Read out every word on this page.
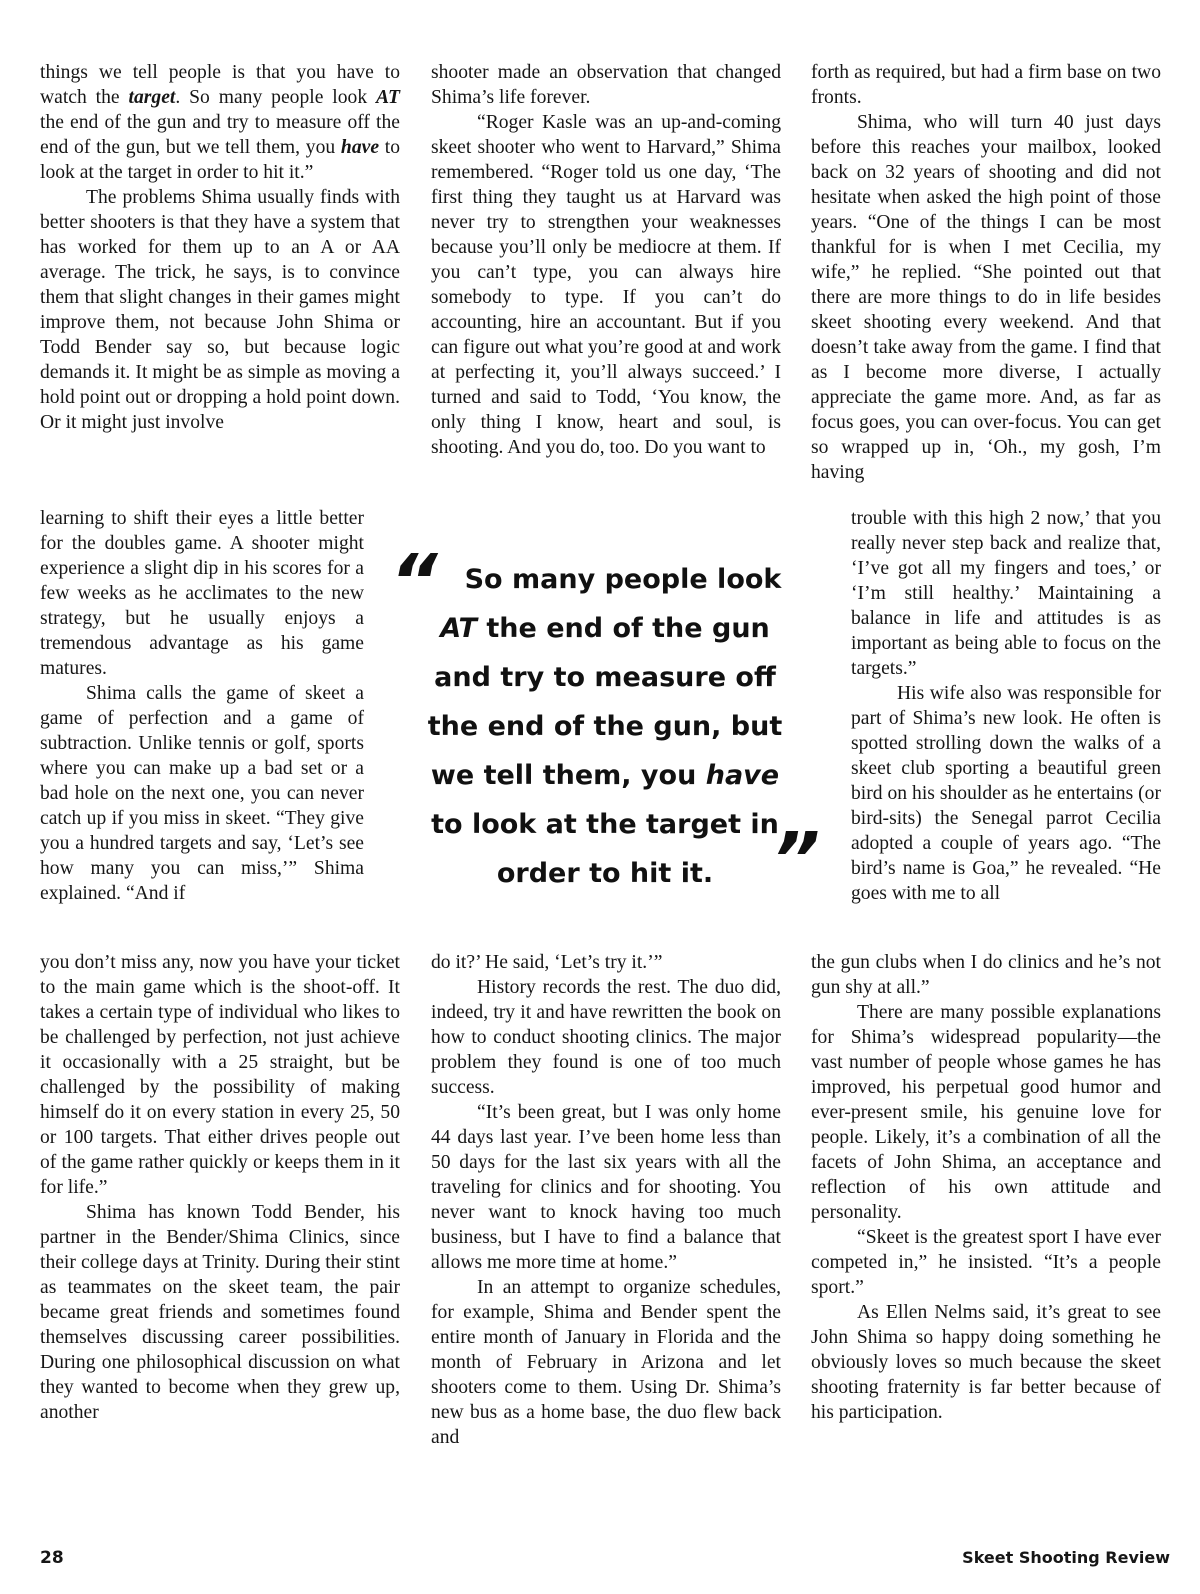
things we tell people is that you have to watch the target. So many people look AT the end of the gun and try to measure off the end of the gun, but we tell them, you have to look at the target in order to hit it.”

The problems Shima usually finds with better shooters is that they have a system that has worked for them up to an A or AA average. The trick, he says, is to convince them that slight changes in their games might improve them, not because John Shima or Todd Bender say so, but because logic demands it. It might be as simple as moving a hold point out or dropping a hold point down. Or it might just involve

learning to shift their eyes a little better for the doubles game. A shooter might experience a slight dip in his scores for a few weeks as he acclimates to the new strategy, but he usually enjoys a tremendous advantage as his game matures.

Shima calls the game of skeet a game of perfection and a game of subtraction. Unlike tennis or golf, sports where you can make up a bad set or a bad hole on the next one, you can never catch up if you miss in skeet. “They give you a hundred targets and say, ‘Let’s see how many you can miss,’” Shima explained. “And if

you don’t miss any, now you have your ticket to the main game which is the shoot-off. It takes a certain type of individual who likes to be challenged by perfection, not just achieve it occasionally with a 25 straight, but be challenged by the possibility of making himself do it on every station in every 25, 50 or 100 targets. That either drives people out of the game rather quickly or keeps them in it for life.”

Shima has known Todd Bender, his partner in the Bender/Shima Clinics, since their college days at Trinity. During their stint as teammates on the skeet team, the pair became great friends and sometimes found themselves discussing career possibilities. During one philosophical discussion on what they wanted to become when they grew up, another

shooter made an observation that changed Shima’s life forever.

“Roger Kasle was an up-and-coming skeet shooter who went to Harvard,” Shima remembered. “Roger told us one day, ‘The first thing they taught us at Harvard was never try to strengthen your weaknesses because you’ll only be mediocre at them. If you can’t type, you can always hire somebody to type. If you can’t do accounting, hire an accountant. But if you can figure out what you’re good at and work at perfecting it, you’ll always succeed.’ I turned and said to Todd, ‘You know, the only thing I know, heart and soul, is shooting. And you do, too. Do you want to

“ So many people look
AT the end of the gun
and try to measure off
the end of the gun, but
we tell them, you have
to look at the target in
order to hit it. ”

do it?’ He said, ‘Let’s try it.’”

History records the rest. The duo did, indeed, try it and have rewritten the book on how to conduct shooting clinics. The major problem they found is one of too much success.

“It’s been great, but I was only home 44 days last year. I’ve been home less than 50 days for the last six years with all the traveling for clinics and for shooting. You never want to knock having too much business, but I have to find a balance that allows me more time at home.”

In an attempt to organize schedules, for example, Shima and Bender spent the entire month of January in Florida and the month of February in Arizona and let shooters come to them. Using Dr. Shima’s new bus as a home base, the duo flew back and

forth as required, but had a firm base on two fronts.

Shima, who will turn 40 just days before this reaches your mailbox, looked back on 32 years of shooting and did not hesitate when asked the high point of those years. “One of the things I can be most thankful for is when I met Cecilia, my wife,” he replied. “She pointed out that there are more things to do in life besides skeet shooting every weekend. And that doesn’t take away from the game. I find that as I become more diverse, I actually appreciate the game more. And, as far as focus goes, you can over-focus. You can get so wrapped up in, ‘Oh., my gosh, I’m having

trouble with this high 2 now,’ that you really never step back and realize that, ‘I’ve got all my fingers and toes,’ or ‘I’m still healthy.’ Maintaining a balance in life and attitudes is as important as being able to focus on the targets.”

His wife also was responsible for part of Shima’s new look. He often is spotted strolling down the walks of a skeet club sporting a beautiful green bird on his shoulder as he entertains (or bird-sits) the Senegal parrot Cecilia adopted a couple of years ago. “The bird’s name is Goa,” he revealed. “He goes with me to all

the gun clubs when I do clinics and he’s not gun shy at all.”

There are many possible explanations for Shima’s widespread popularity—the vast number of people whose games he has improved, his perpetual good humor and ever-present smile, his genuine love for people. Likely, it’s a combination of all the facets of John Shima, an acceptance and reflection of his own attitude and personality.

“Skeet is the greatest sport I have ever competed in,” he insisted. “It’s a people sport.”

As Ellen Nelms said, it’s great to see John Shima so happy doing something he obviously loves so much because the skeet shooting fraternity is far better because of his participation.

28	Skeet Shooting Review
